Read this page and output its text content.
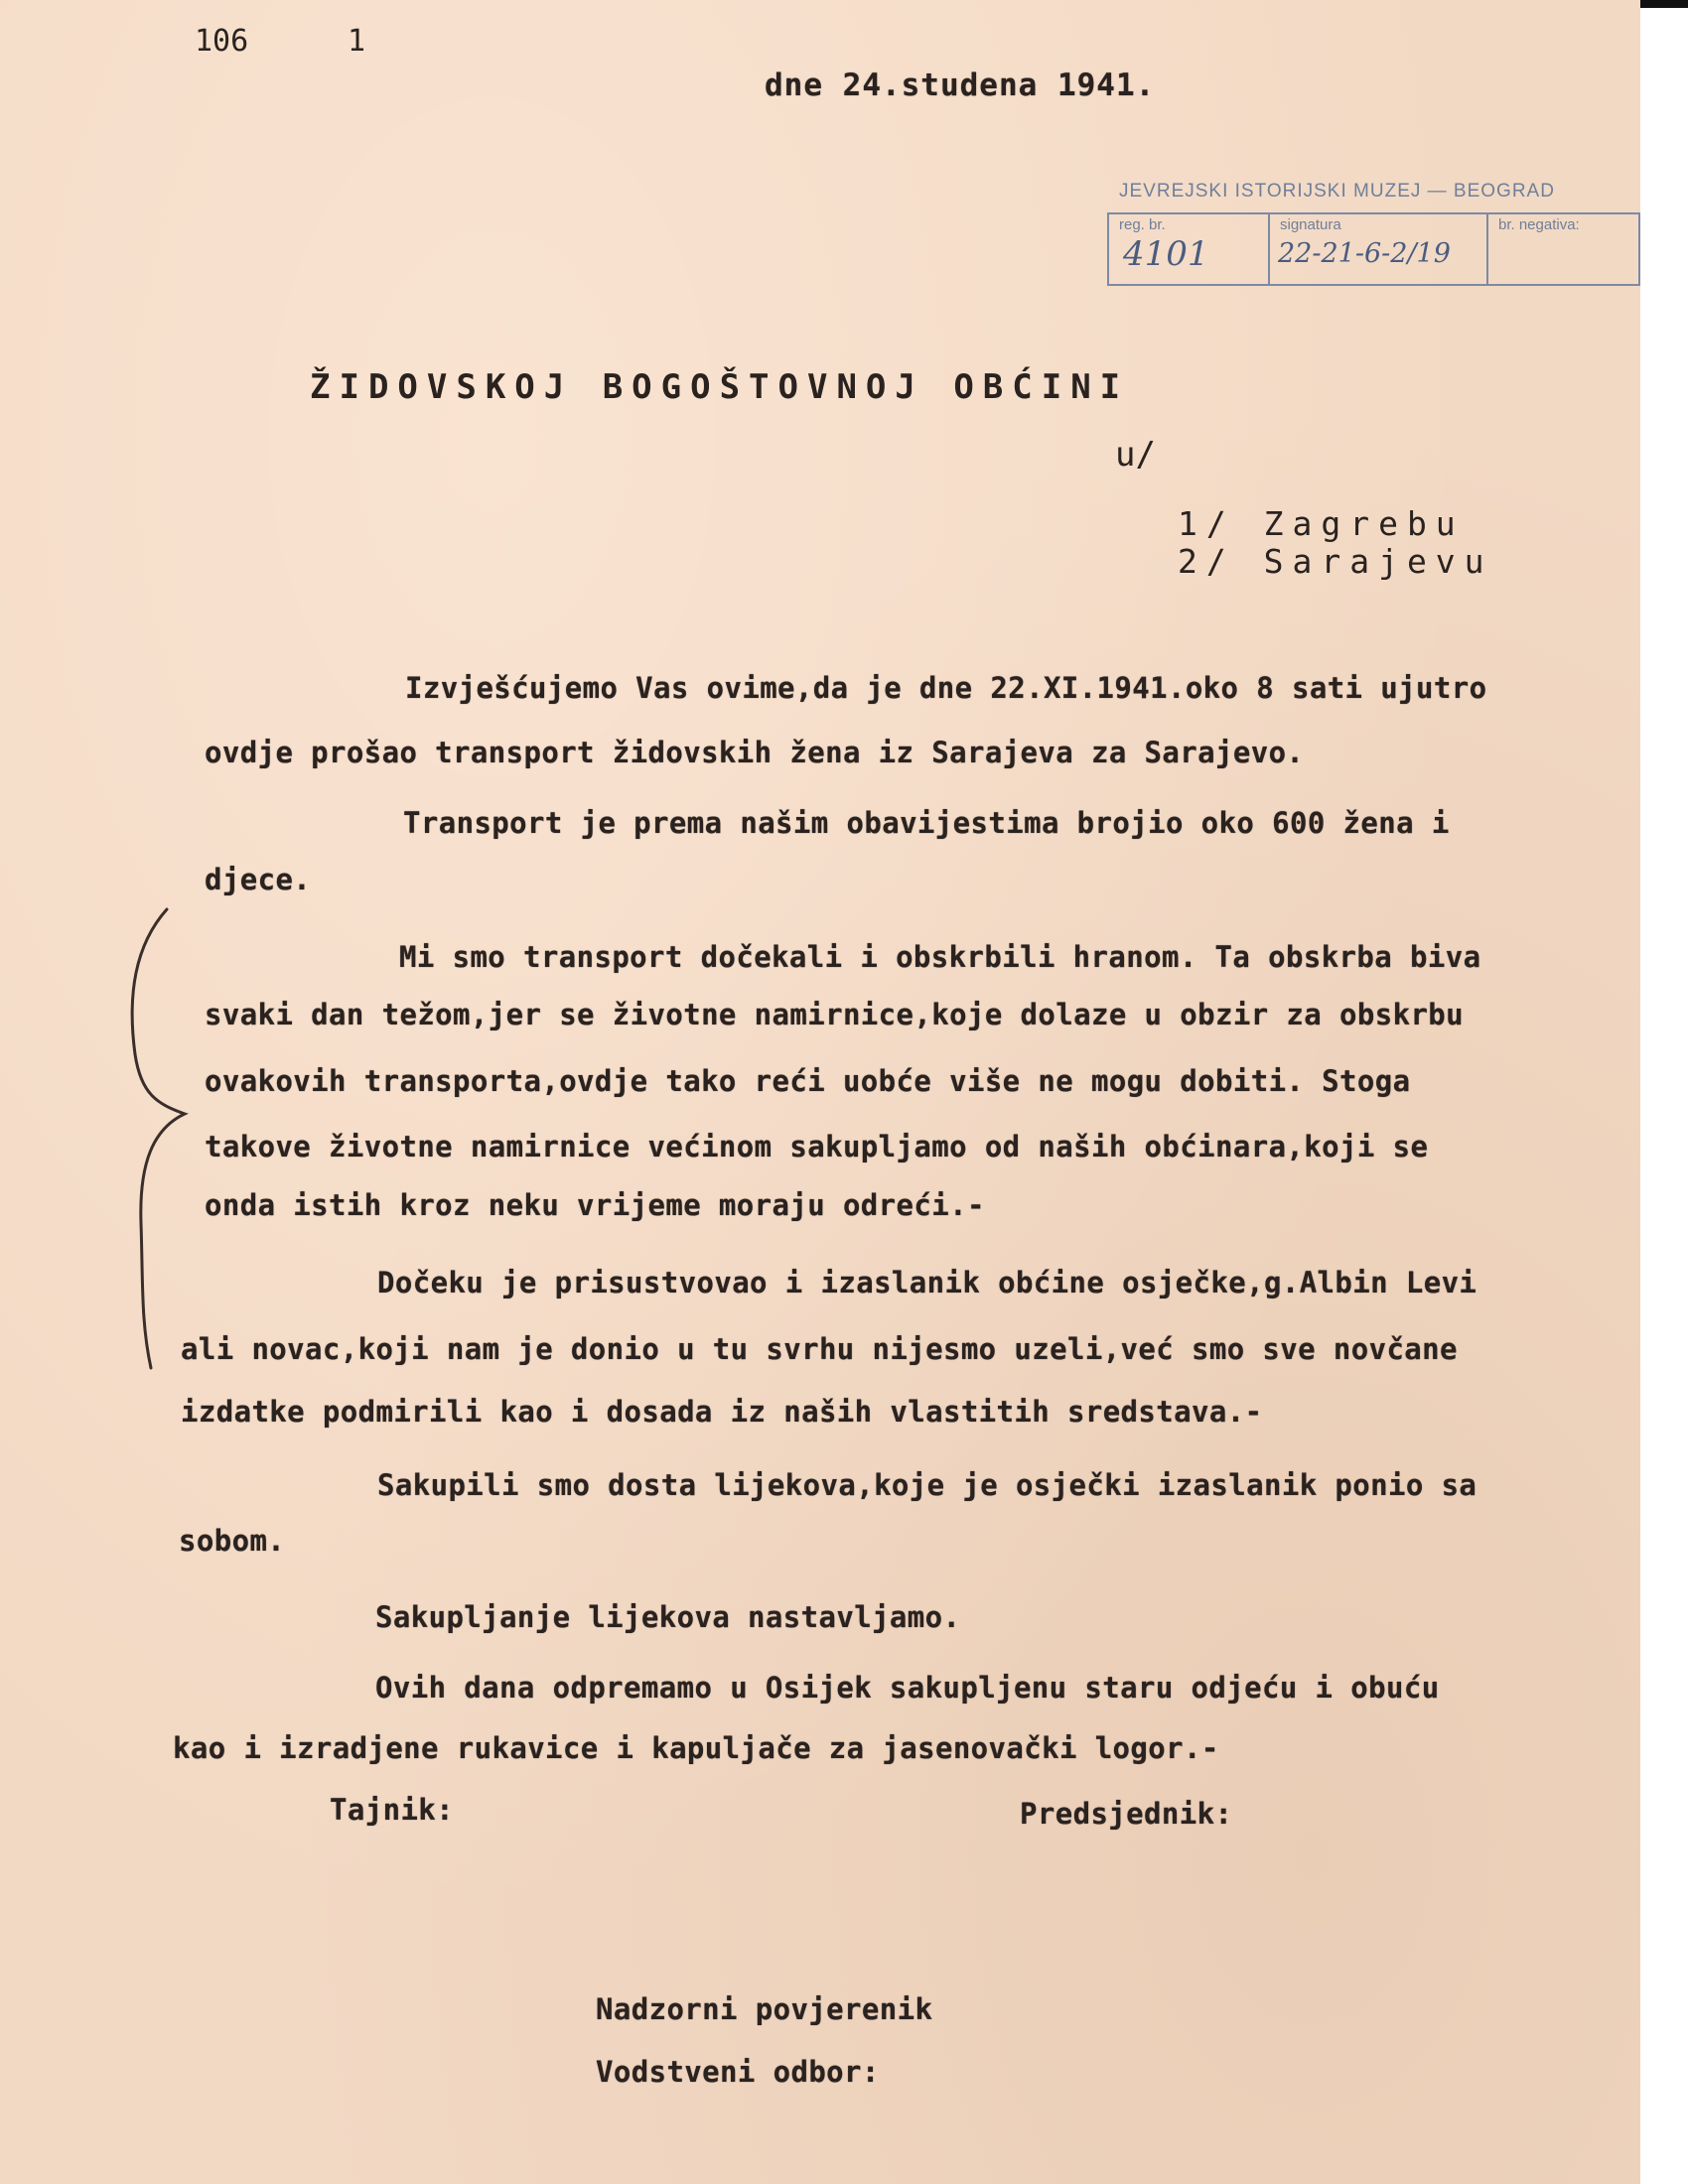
106	1
dne 24.studena 1941.
JEVREJSKI ISTORIJSKI MUZEJ — BEOGRAD
reg. br.
4101
signatura
22-21-6-2/19
br. negativa:
ŽIDOVSKOJ BOGOŠTOVNOJ OBĆINI
u/
1/ Zagrebu
2/ Sarajevu
Izvješćujemo Vas ovime,da je dne 22.XI.1941.oko 8 sati ujutro
ovdje prošao transport židovskih žena iz Sarajeva za Sarajevo.
Transport je prema našim obavijestima brojio oko 600 žena i
djece.
Mi smo transport dočekali i obskrbili hranom. Ta obskrba biva
svaki dan težom,jer se životne namirnice,koje dolaze u obzir za obskrbu
ovakovih transporta,ovdje tako reći uobće više ne mogu dobiti. Stoga
takove životne namirnice većinom sakupljamo od naših obćinara,koji se
onda istih kroz neku vrijeme moraju odreći.-
Dočeku je prisustvovao i izaslanik obćine osječke,g.Albin Levi
ali novac,koji nam je donio u tu svrhu nijesmo uzeli,već smo sve novčane
izdatke podmirili kao i dosada iz naših vlastitih sredstava.-
Sakupili smo dosta lijekova,koje je osječki izaslanik ponio sa
sobom.
Sakupljanje lijekova nastavljamo.
Ovih dana odpremamo u Osijek sakupljenu staru odjeću i obuću
kao i izradjene rukavice i kapuljače za jasenovački logor.-
Tajnik:	Predsjednik:
Nadzorni povjerenik
Vodstveni odbor:
